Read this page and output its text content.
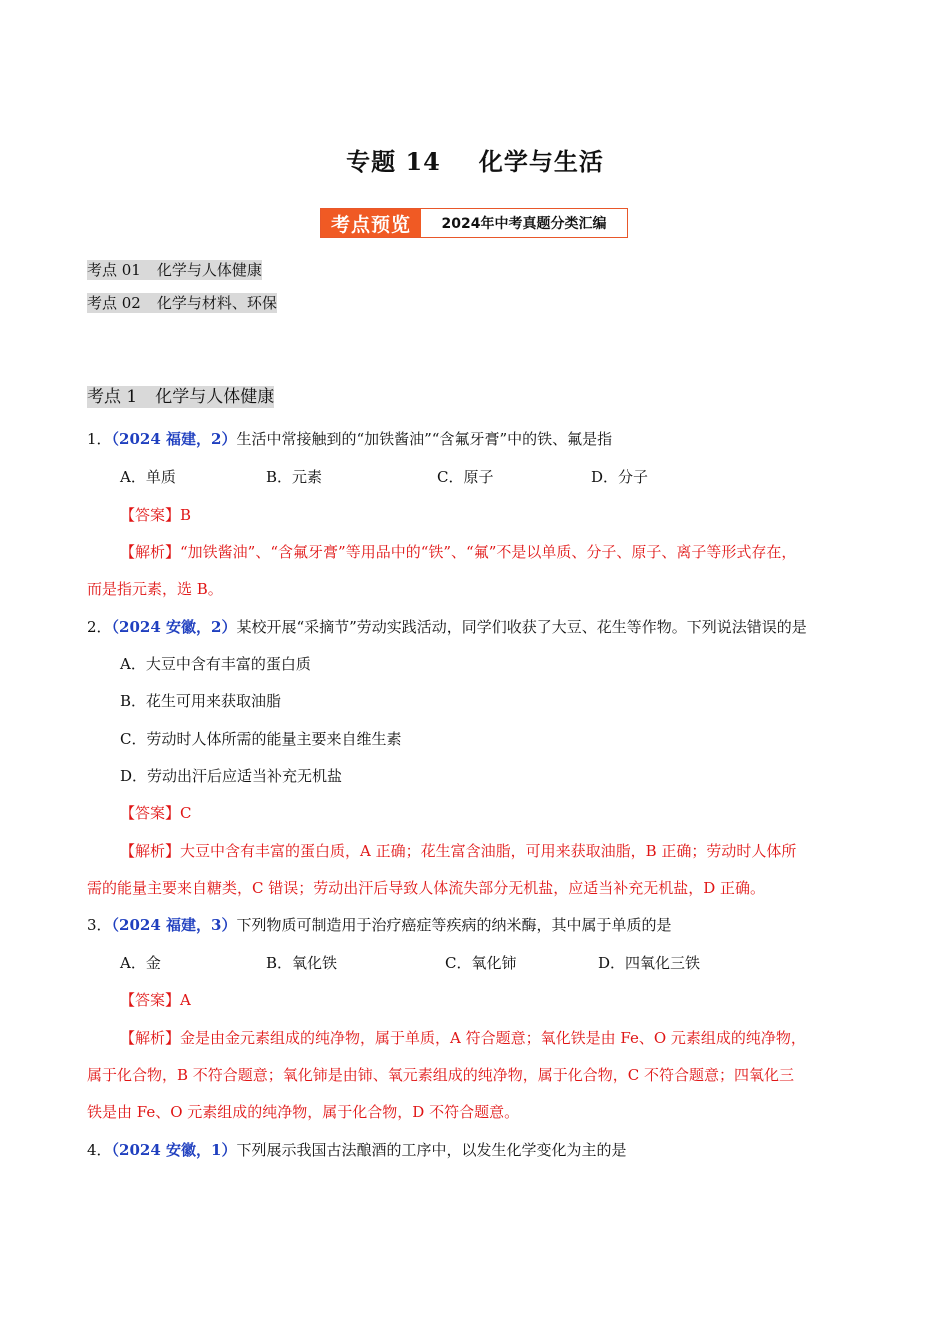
专题 14 化学与生活
考点预览	2024年中考真题分类汇编
考点 01 化学与人体健康
考点 02 化学与材料、环保
考点 1 化学与人体健康
1．（2024 福建，2）生活中常接触到的“加铁酱油”“含氟牙膏”中的铁、氟是指
A．单质	B．元素	C．原子	D．分子
【答案】B
【解析】“加铁酱油”、“含氟牙膏”等用品中的“铁”、“氟”不是以单质、分子、原子、离子等形式存在，
而是指元素，选 B。
2．（2024 安徽，2）某校开展“采摘节”劳动实践活动，同学们收获了大豆、花生等作物。下列说法错误的是
A．大豆中含有丰富的蛋白质
B．花生可用来获取油脂
C．劳动时人体所需的能量主要来自维生素
D．劳动出汗后应适当补充无机盐
【答案】C
【解析】大豆中含有丰富的蛋白质，A 正确；花生富含油脂，可用来获取油脂，B 正确；劳动时人体所
需的能量主要来自糖类，C 错误；劳动出汗后导致人体流失部分无机盐，应适当补充无机盐，D 正确。
3．（2024 福建，3）下列物质可制造用于治疗癌症等疾病的纳米酶，其中属于单质的是
A．金	B．氧化铁	C．氧化铈	D．四氧化三铁
【答案】A
【解析】金是由金元素组成的纯净物，属于单质，A 符合题意；氧化铁是由 Fe、O 元素组成的纯净物，
属于化合物，B 不符合题意；氧化铈是由铈、氧元素组成的纯净物，属于化合物，C 不符合题意；四氧化三
铁是由 Fe、O 元素组成的纯净物，属于化合物，D 不符合题意。
4．（2024 安徽，1）下列展示我国古法酿酒的工序中，以发生化学变化为主的是
